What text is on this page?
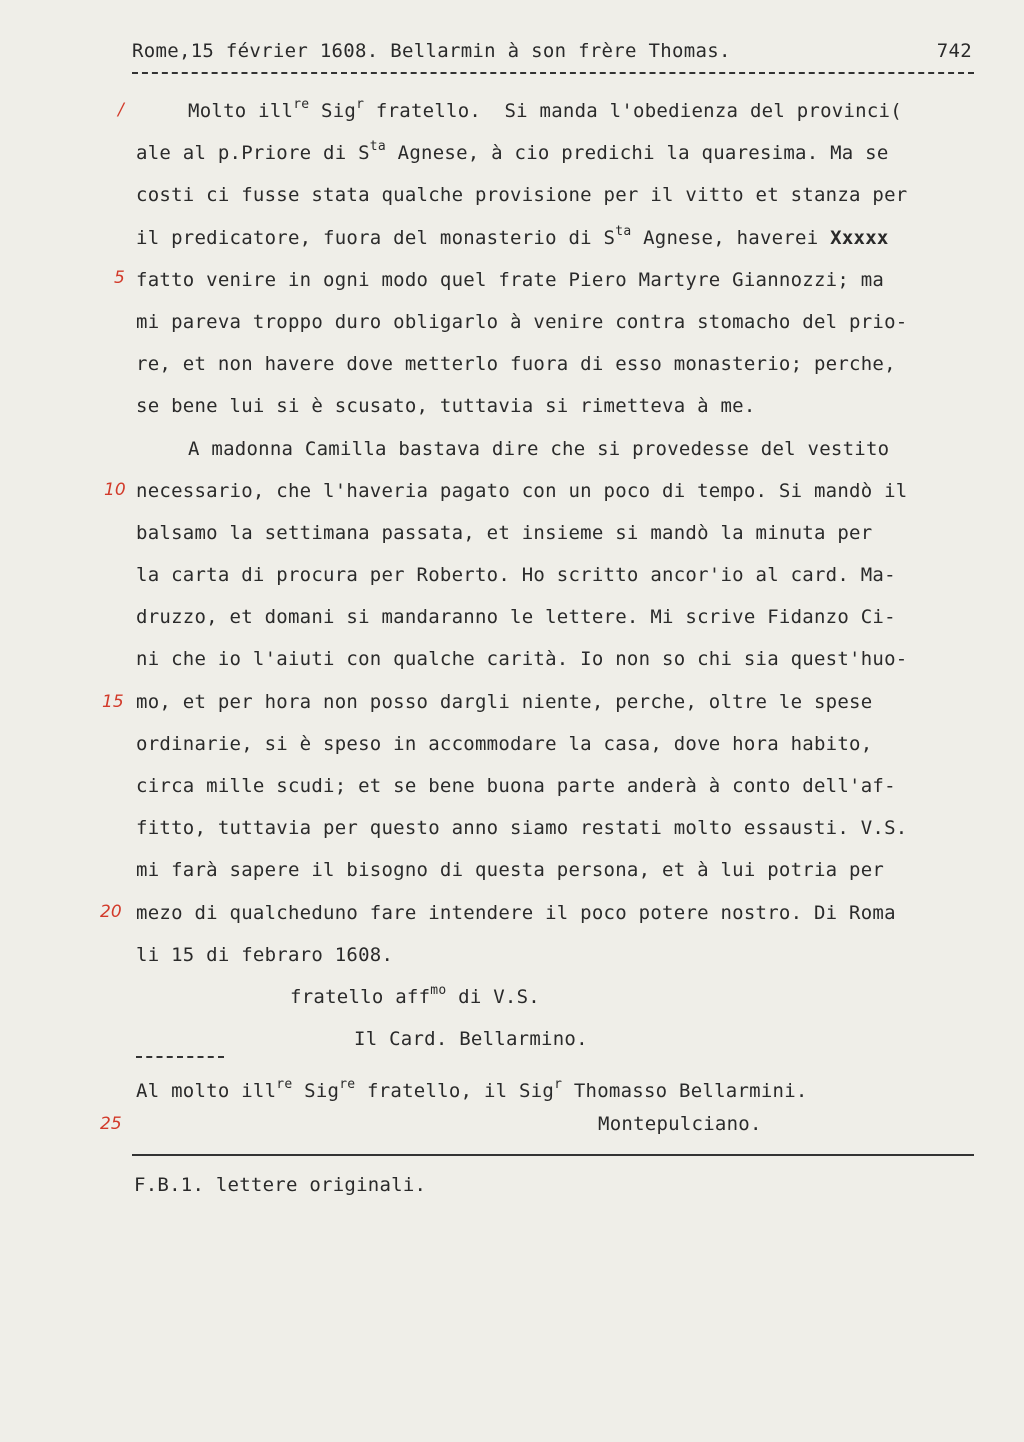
Rome,15 février 1608. Bellarmin à son frère Thomas.	742
/
5
10
15
20
25
Molto ill$^{re}$ Sig$^r$ fratello.  Si manda l'obedienza del provinci(
ale al p.Priore di $S^{ta}$ Agnese, à cio predichi la quaresima. Ma se
costi ci fusse stata qualche provisione per il vitto et stanza per
il predicatore, fuora del monasterio di $S^{ta}$ Agnese, haverei Xxxxx
fatto venire in ogni modo quel frate Piero Martyre Giannozzi; ma
mi pareva troppo duro obligarlo à venire contra stomacho del prio-
re, et non havere dove metterlo fuora di esso monasterio; perche,
se bene lui si è scusato, tuttavia si rimetteva à me.
A madonna Camilla bastava dire che si provedesse del vestito
necessario, che l'haveria pagato con un poco di tempo. Si mandò il
balsamo la settimana passata, et insieme si mandò la minuta per
la carta di procura per Roberto. Ho scritto ancor'io al card. Ma-
druzzo, et domani si mandaranno le lettere. Mi scrive Fidanzo Ci-
ni che io l'aiuti con qualche carità. Io non so chi sia quest'huo-
mo, et per hora non posso dargli niente, perche, oltre le spese
ordinarie, si è speso in accommodare la casa, dove hora habito,
circa mille scudi; et se bene buona parte anderà à conto dell'af-
fitto, tuttavia per questo anno siamo restati molto essausti. V.S.
mi farà sapere il bisogno di questa persona, et à lui potria per
mezo di qualcheduno fare intendere il poco potere nostro. Di Roma
li 15 di febraro 1608.
fratello aff$^{mo}$ di V.S.
Il Card. Bellarmino.
Al molto ill$^{re}$ Sig$^{re}$ fratello, il Sig$^r$ Thomasso Bellarmini.
Montepulciano.
F.B.1. lettere originali.
